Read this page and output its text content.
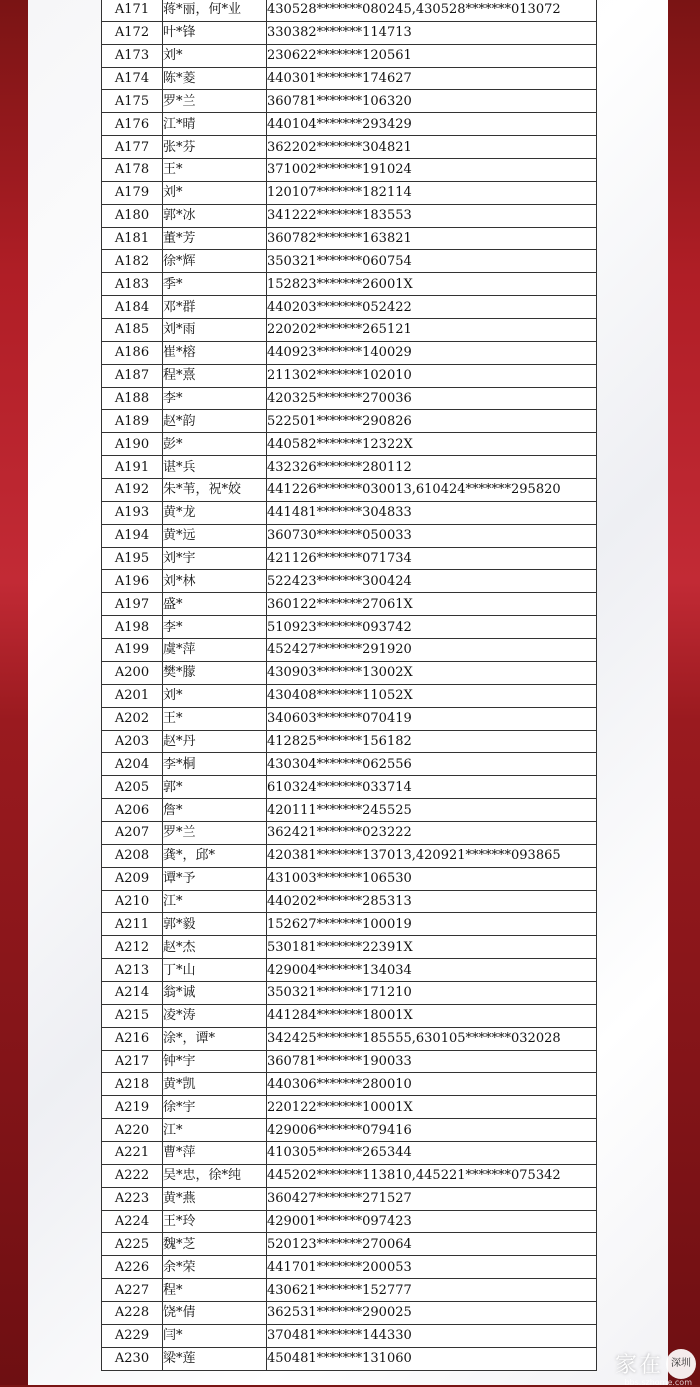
A171	蒋*丽，何*业	430528*******080245,430528*******013072
A172	叶*锋	330382*******114713
A173	刘*	230622*******120561
A174	陈*菱	440301*******174627
A175	罗*兰	360781*******106320
A176	江*晴	440104*******293429
A177	张*芬	362202*******304821
A178	王*	371002*******191024
A179	刘*	120107*******182114
A180	郭*冰	341222*******183553
A181	董*芳	360782*******163821
A182	徐*辉	350321*******060754
A183	季*	152823*******26001X
A184	邓*群	440203*******052422
A185	刘*雨	220202*******265121
A186	崔*榕	440923*******140029
A187	程*熹	211302*******102010
A188	李*	420325*******270036
A189	赵*韵	522501*******290826
A190	彭*	440582*******12322X
A191	谌*兵	432326*******280112
A192	朱*苇，祝*姣	441226*******030013,610424*******295820
A193	黄*龙	441481*******304833
A194	黄*远	360730*******050033
A195	刘*宇	421126*******071734
A196	刘*林	522423*******300424
A197	盛*	360122*******27061X
A198	李*	510923*******093742
A199	虞*萍	452427*******291920
A200	樊*朦	430903*******13002X
A201	刘*	430408*******11052X
A202	王*	340603*******070419
A203	赵*丹	412825*******156182
A204	李*桐	430304*******062556
A205	郭*	610324*******033714
A206	詹*	420111*******245525
A207	罗*兰	362421*******023222
A208	龚*，邱*	420381*******137013,420921*******093865
A209	谭*予	431003*******106530
A210	江*	440202*******285313
A211	郭*毅	152627*******100019
A212	赵*杰	530181*******22391X
A213	丁*山	429004*******134034
A214	翁*诚	350321*******171210
A215	凌*涛	441284*******18001X
A216	涂*，谭*	342425*******185555,630105*******032028
A217	钟*宇	360781*******190033
A218	黄*凯	440306*******280010
A219	徐*宇	220122*******10001X
A220	江*	429006*******079416
A221	曹*萍	410305*******265344
A222	吴*忠，徐*纯	445202*******113810,445221*******075342
A223	黄*燕	360427*******271527
A224	王*玲	429001*******097423
A225	魏*芝	520123*******270064
A226	余*荣	441701*******200053
A227	程*	430621*******152777
A228	饶*倩	362531*******290025
A229	闫*	370481*******144330
A230	梁*莲	450481*******131060	家在 深圳
bbs.szhome.com
